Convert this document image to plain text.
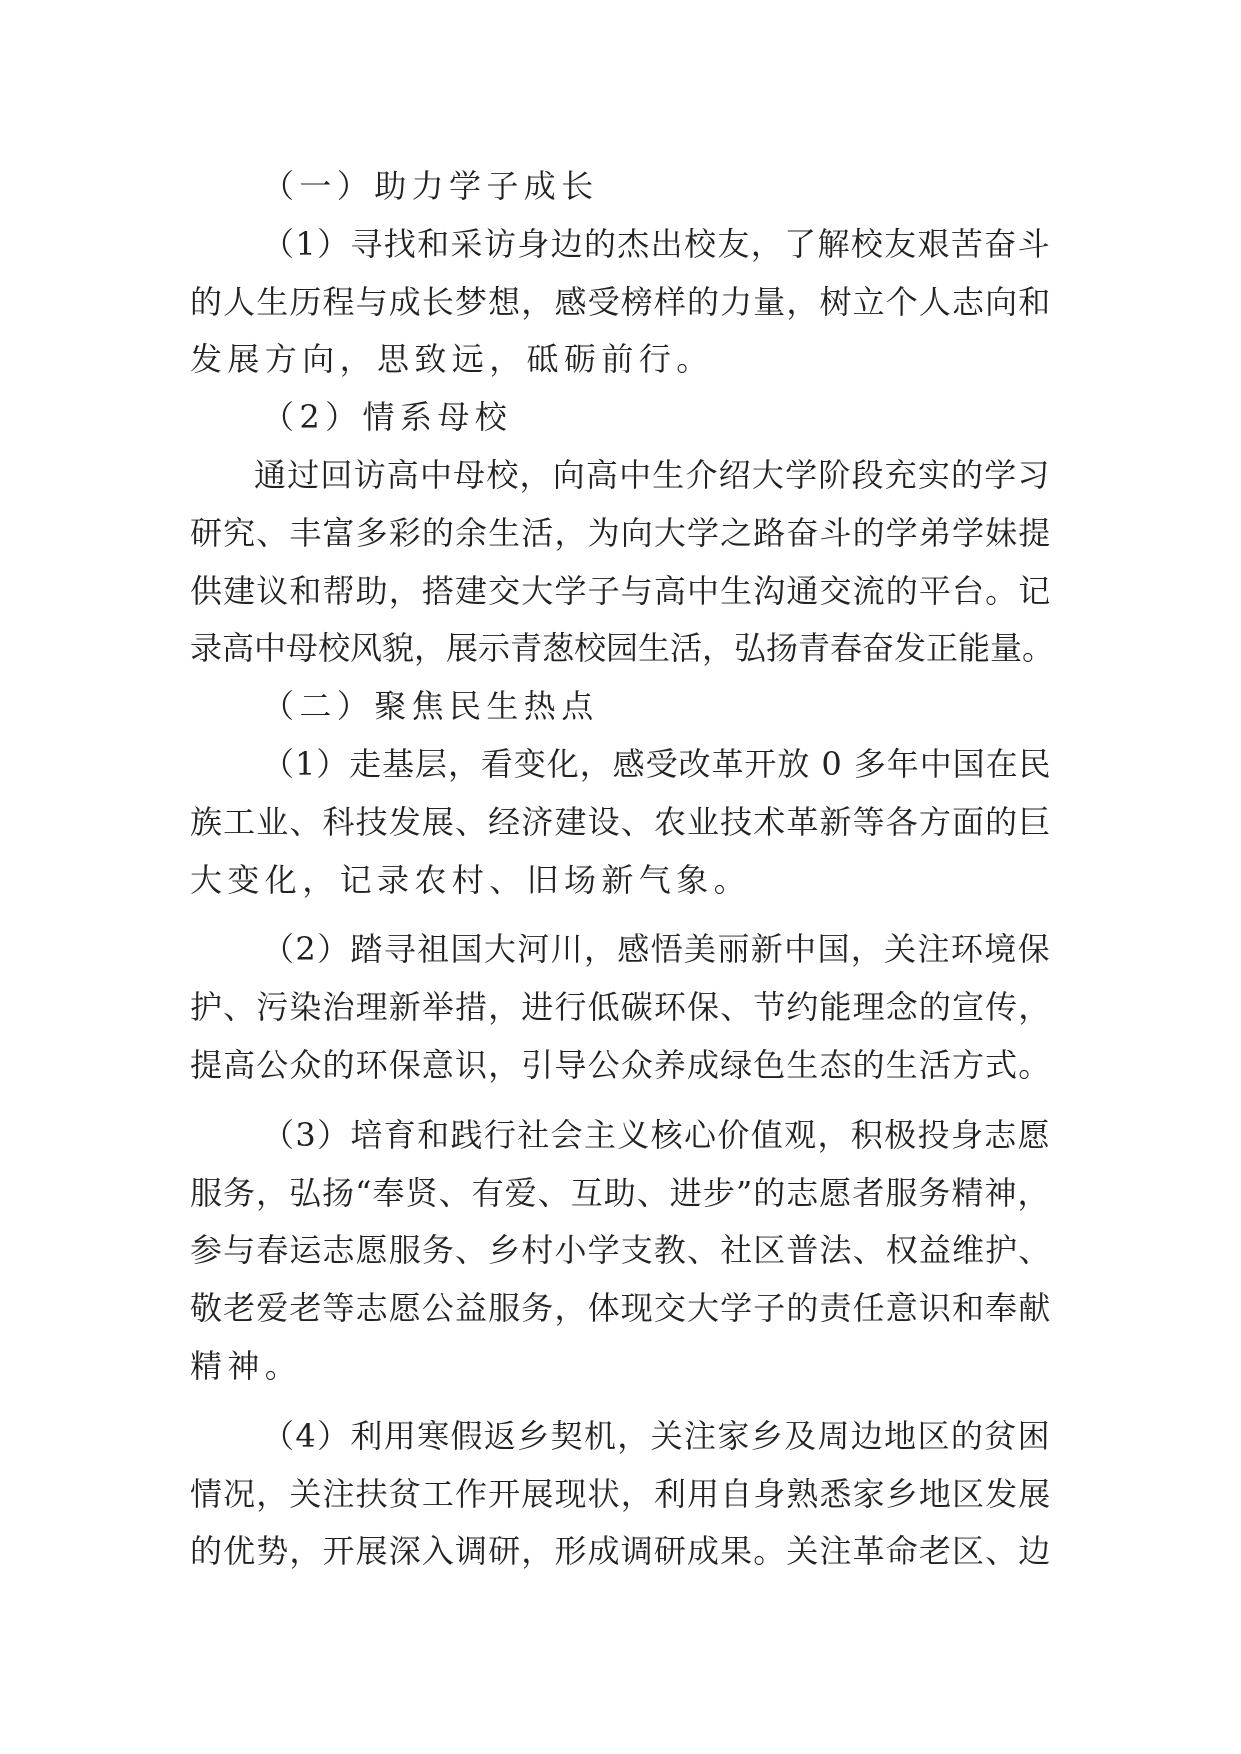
（一）助力学子成长
（1）寻找和采访身边的杰出校友，了解校友艰苦奋斗
的人生历程与成长梦想，感受榜样的力量，树立个人志向和
发展方向，思致远，砥砺前行。
（2）情系母校
通过回访高中母校，向高中生介绍大学阶段充实的学习
研究、丰富多彩的余生活，为向大学之路奋斗的学弟学妹提
供建议和帮助，搭建交大学子与高中生沟通交流的平台。记
录高中母校风貌，展示青葱校园生活，弘扬青春奋发正能量。
（二）聚焦民生热点
（1）走基层，看变化，感受改革开放 0 多年中国在民
族工业、科技发展、经济建设、农业技术革新等各方面的巨
大变化，记录农村、旧场新气象。
（2）踏寻祖国大河川，感悟美丽新中国，关注环境保
护、污染治理新举措，进行低碳环保、节约能理念的宣传，
提高公众的环保意识，引导公众养成绿色生态的生活方式。
（3）培育和践行社会主义核心价值观，积极投身志愿
服务，弘扬“奉贤、有爱、互助、进步”的志愿者服务精神，
参与春运志愿服务、乡村小学支教、社区普法、权益维护、
敬老爱老等志愿公益服务，体现交大学子的责任意识和奉献
精神。
（4）利用寒假返乡契机，关注家乡及周边地区的贫困
情况，关注扶贫工作开展现状，利用自身熟悉家乡地区发展
的优势，开展深入调研，形成调研成果。关注革命老区、边
